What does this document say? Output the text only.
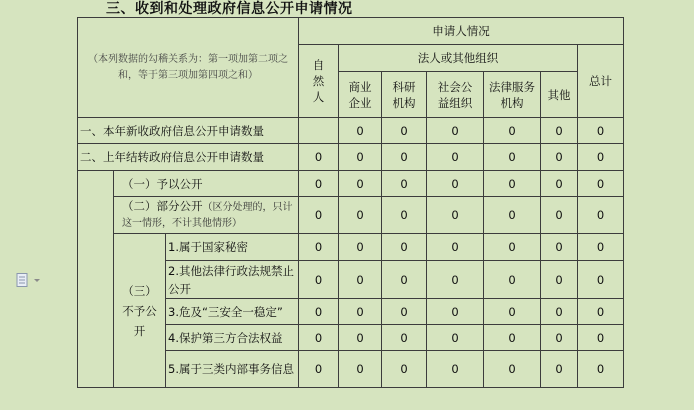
三、收到和处理政府信息公开申请情况
（本列数据的勾稽关系为：第一项加第二项之和，等于第三项加第四项之和）			申请人情况						
			自然人	法人或其他组织					总计
				商业企业	科研机构	社会公益组织	法律服务机构	其他	
一、本年新收政府信息公开申请数量				0	0	0	0	0	0
二、上年结转政府信息公开申请数量			0	0	0	0	0	0	0
	（一）予以公开		0	0	0	0	0	0	0
	（二）部分公开（区分处理的，只计这一情形，不计其他情形）		0	0	0	0	0	0	0
	（三）不予公开	1.属于国家秘密	0	0	0	0	0	0	0
		2.其他法律行政法规禁止公开	0	0	0	0	0	0	0
		3.危及“三安全一稳定”	0	0	0	0	0	0	0
		4.保护第三方合法权益	0	0	0	0	0	0	0
		5.属于三类内部事务信息	0	0	0	0	0	0	0
